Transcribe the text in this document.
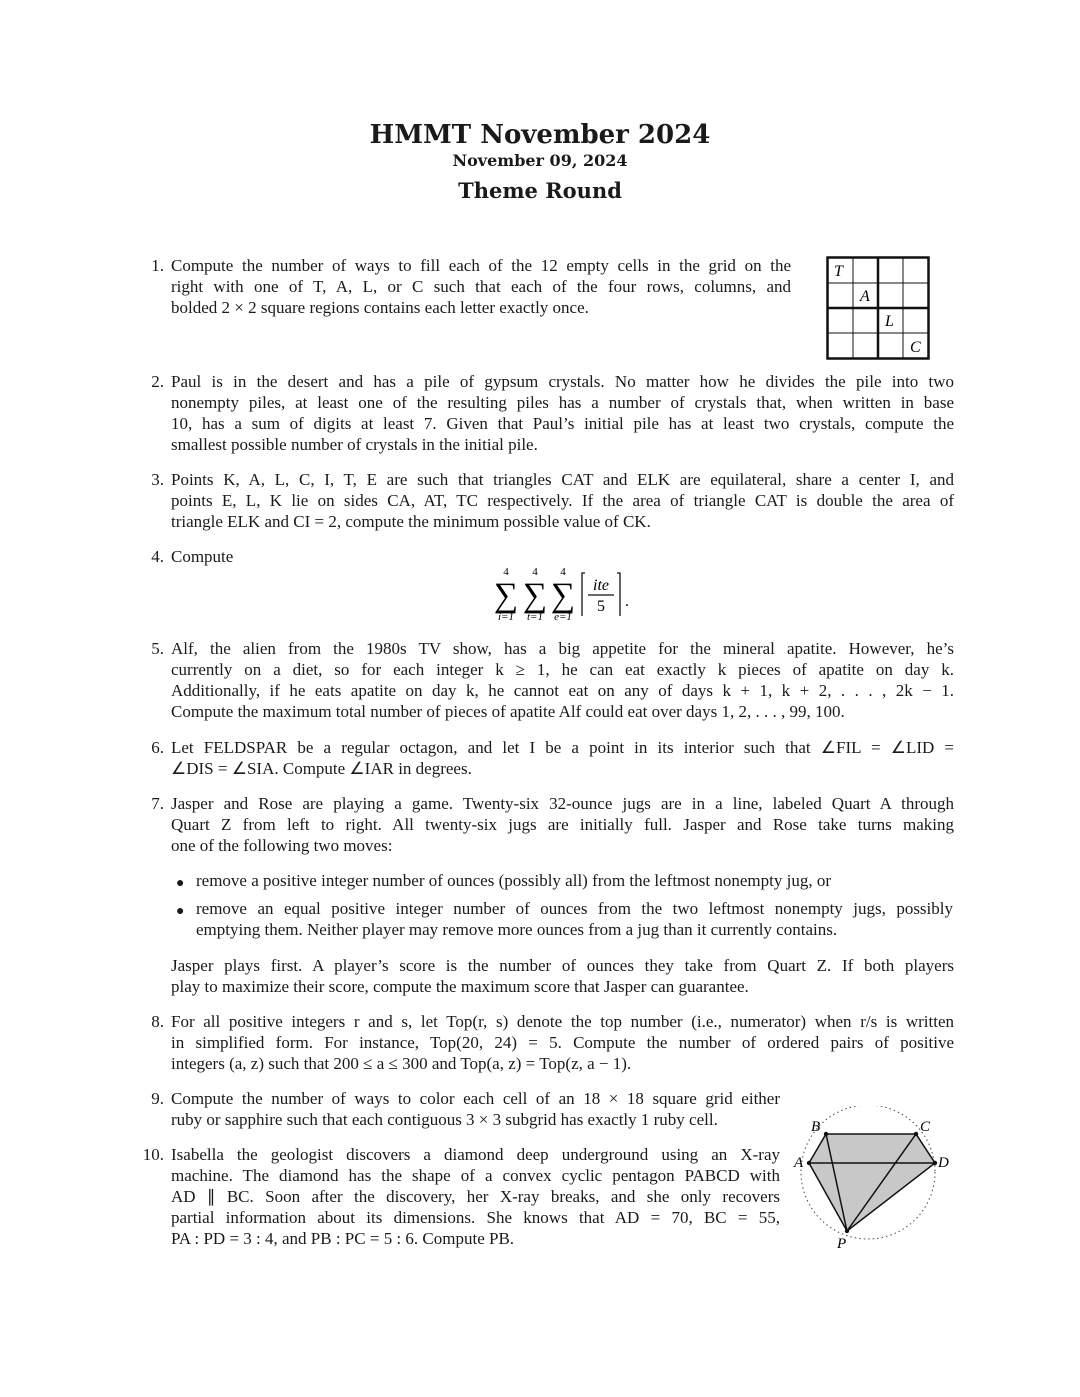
HMMT November 2024
November 09, 2024
Theme Round
1. Compute the number of ways to fill each of the 12 empty cells in the grid on the
right with one of T, A, L, or C such that each of the four rows, columns, and
bolded 2 × 2 square regions contains each letter exactly once.
T
A
L
C
2. Paul is in the desert and has a pile of gypsum crystals. No matter how he divides the pile into two
nonempty piles, at least one of the resulting piles has a number of crystals that, when written in base
10, has a sum of digits at least 7. Given that Paul’s initial pile has at least two crystals, compute the
smallest possible number of crystals in the initial pile.
3. Points K, A, L, C, I, T, E are such that triangles CAT and ELK are equilateral, share a center I, and
points E, L, K lie on sides CA, AT, TC respectively. If the area of triangle CAT is double the area of
triangle ELK and CI = 2, compute the minimum possible value of CK.
4. Compute
4 4 4
∑ ∑ ∑
i=1 t=1 e=1
ite
5 .
5. Alf, the alien from the 1980s TV show, has a big appetite for the mineral apatite. However, he’s
currently on a diet, so for each integer k ≥ 1, he can eat exactly k pieces of apatite on day k.
Additionally, if he eats apatite on day k, he cannot eat on any of days k + 1, k + 2, . . . , 2k − 1.
Compute the maximum total number of pieces of apatite Alf could eat over days 1, 2, . . . , 99, 100.
6. Let FELDSPAR be a regular octagon, and let I be a point in its interior such that ∠FIL = ∠LID =
∠DIS = ∠SIA. Compute ∠IAR in degrees.
7. Jasper and Rose are playing a game. Twenty-six 32-ounce jugs are in a line, labeled Quart A through
Quart Z from left to right. All twenty-six jugs are initially full. Jasper and Rose take turns making
one of the following two moves:
● remove a positive integer number of ounces (possibly all) from the leftmost nonempty jug, or
● remove an equal positive integer number of ounces from the two leftmost nonempty jugs, possibly
emptying them. Neither player may remove more ounces from a jug than it currently contains.
Jasper plays first. A player’s score is the number of ounces they take from Quart Z. If both players
play to maximize their score, compute the maximum score that Jasper can guarantee.
8. For all positive integers r and s, let Top(r, s) denote the top number (i.e., numerator) when r/s is written
in simplified form. For instance, Top(20, 24) = 5. Compute the number of ordered pairs of positive
integers (a, z) such that 200 ≤ a ≤ 300 and Top(a, z) = Top(z, a − 1).
9. Compute the number of ways to color each cell of an 18 × 18 square grid either
ruby or sapphire such that each contiguous 3 × 3 subgrid has exactly 1 ruby cell.
10. Isabella the geologist discovers a diamond deep underground using an X-ray
machine. The diamond has the shape of a convex cyclic pentagon PABCD with
AD ∥ BC. Soon after the discovery, her X-ray breaks, and she only recovers
partial information about its dimensions. She knows that AD = 70, BC = 55,
PA : PD = 3 : 4, and PB : PC = 5 : 6. Compute PB.
A
B	C
D
P
